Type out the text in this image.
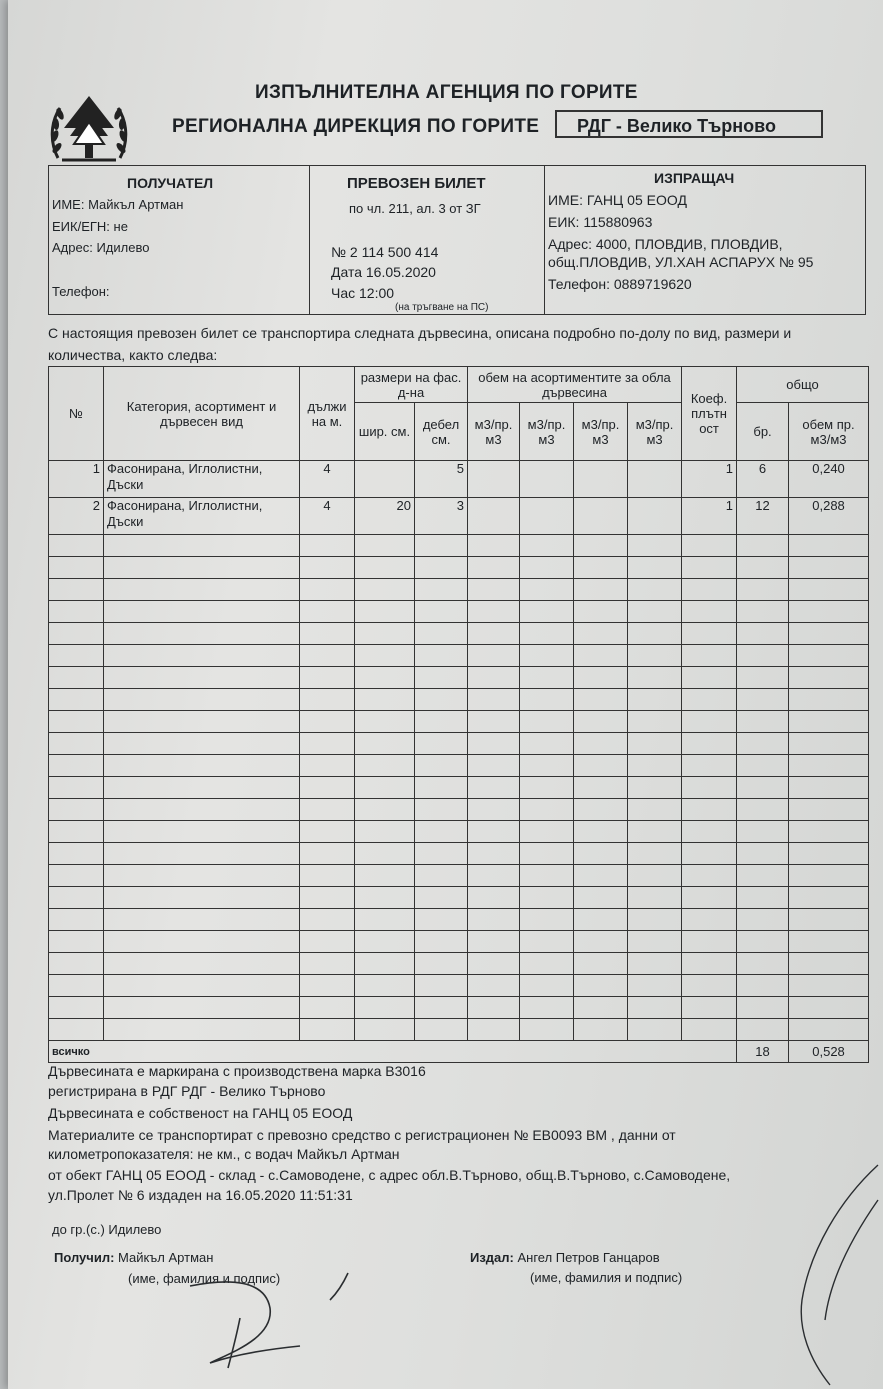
ИЗПЪЛНИТЕЛНА АГЕНЦИЯ ПО ГОРИТЕ
РЕГИОНАЛНА ДИРЕКЦИЯ ПО ГОРИТЕ	РДГ - Велико Търново
ПОЛУЧАТЕЛ
ИМЕ: Майкъл Артман
ЕИК/ЕГН: не
Адрес: Идилево
Телефон:
ПРЕВОЗЕН БИЛЕТ
по чл. 211, ал. 3 от ЗГ
№ 2 114 500 414
Дата 16.05.2020
Час 12:00
(на тръгване на ПС)
ИЗПРАЩАЧ
ИМЕ: ГАНЦ 05 ЕООД
ЕИК: 115880963
Адрес: 4000, ПЛОВДИВ, ПЛОВДИВ,
общ.ПЛОВДИВ, УЛ.ХАН АСПАРУХ № 95
Телефон: 0889719620
С настоящия превозен билет се транспортира следната дървесина, описана подробно по-долу по вид, размери и количества, както следва:
№	Категория, асортимент и дървесен вид	дължи на м.	размери на фас. д-на		обем на асортиментите за обла дървесина				Коеф. плътн ост	общо	
			шир. см.	дебел см.	м3/пр. м3	м3/пр. м3	м3/пр. м3	м3/пр. м3		бр.	обем пр. м3/м3
1	Фасонирана, Иглолистни, Дъски	4		5					1	6	0,240
2	Фасонирана, Иглолистни, Дъски	4	20	3					1	12	0,288

всичко										18	0,528
Дървесината е маркирана с производствена марка В3016
регистрирана в РДГ РДГ - Велико Търново
Дървесината е собственост на ГАНЦ 05 ЕООД
Материалите се транспортират с превозно средство с регистрационен № ЕВ0093 ВМ , данни от
километропоказателя: не км., с водач Майкъл Артман
от обект ГАНЦ 05 ЕООД - склад - с.Самоводене, с адрес обл.В.Търново, общ.В.Търново, с.Самоводене,
ул.Пролет № 6 издаден на 16.05.2020 11:51:31
до гр.(с.) Идилево
Получил: Майкъл Артман
(име, фамилия и подпис)
Издал: Ангел Петров Ганцаров
(име, фамилия и подпис)
